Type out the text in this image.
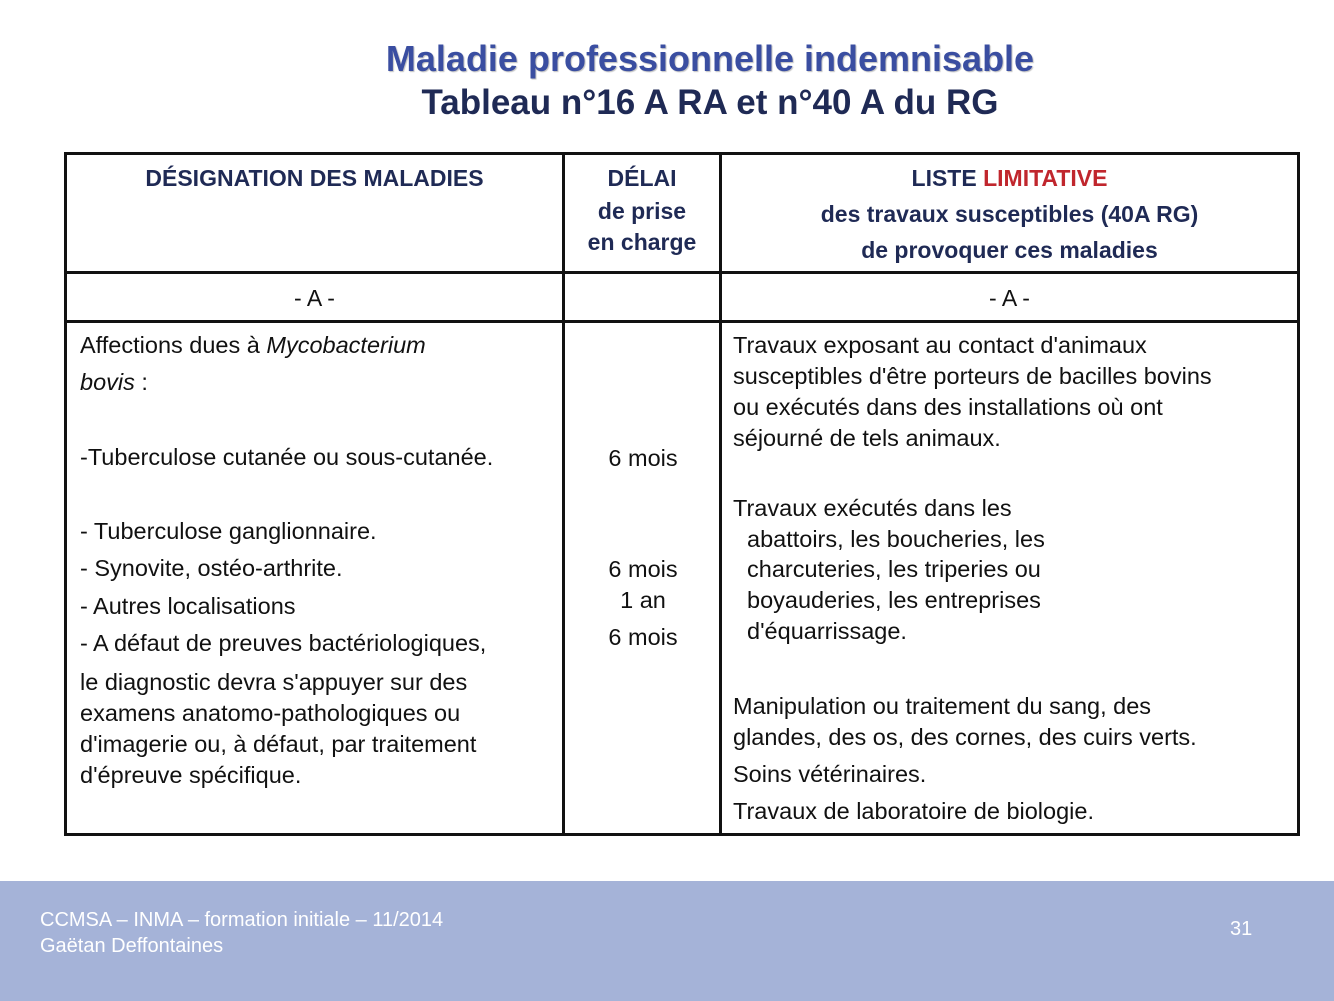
Maladie professionnelle indemnisable
Tableau n°16 A RA et n°40 A du RG
DÉSIGNATION DES MALADIES	DÉLAI
de prise
en charge
LISTE LIMITATIVE
des travaux susceptibles (40A RG)
de provoquer ces maladies
- A -	- A -
Affections dues à Mycobacterium
bovis :
-Tuberculose cutanée ou sous-cutanée.
- Tuberculose ganglionnaire.
- Synovite, ostéo-arthrite.
- Autres localisations
- A défaut de preuves bactériologiques,
le diagnostic devra s'appuyer sur des
examens anatomo-pathologiques ou
d'imagerie ou, à défaut, par traitement
d'épreuve spécifique.
6 mois
6 mois
1 an
6 mois
Travaux exposant au contact d'animaux
susceptibles d'être porteurs de bacilles bovins
ou exécutés dans des installations où ont
séjourné de tels animaux.
Travaux exécutés dans les
abattoirs, les boucheries, les
charcuteries, les triperies ou
boyauderies, les entreprises
d'équarrissage.
Manipulation ou traitement du sang, des
glandes, des os, des cornes, des cuirs verts.
Soins vétérinaires.
Travaux de laboratoire de biologie.
CCMSA – INMA – formation initiale – 11/2014
Gaëtan Deffontaines
31
